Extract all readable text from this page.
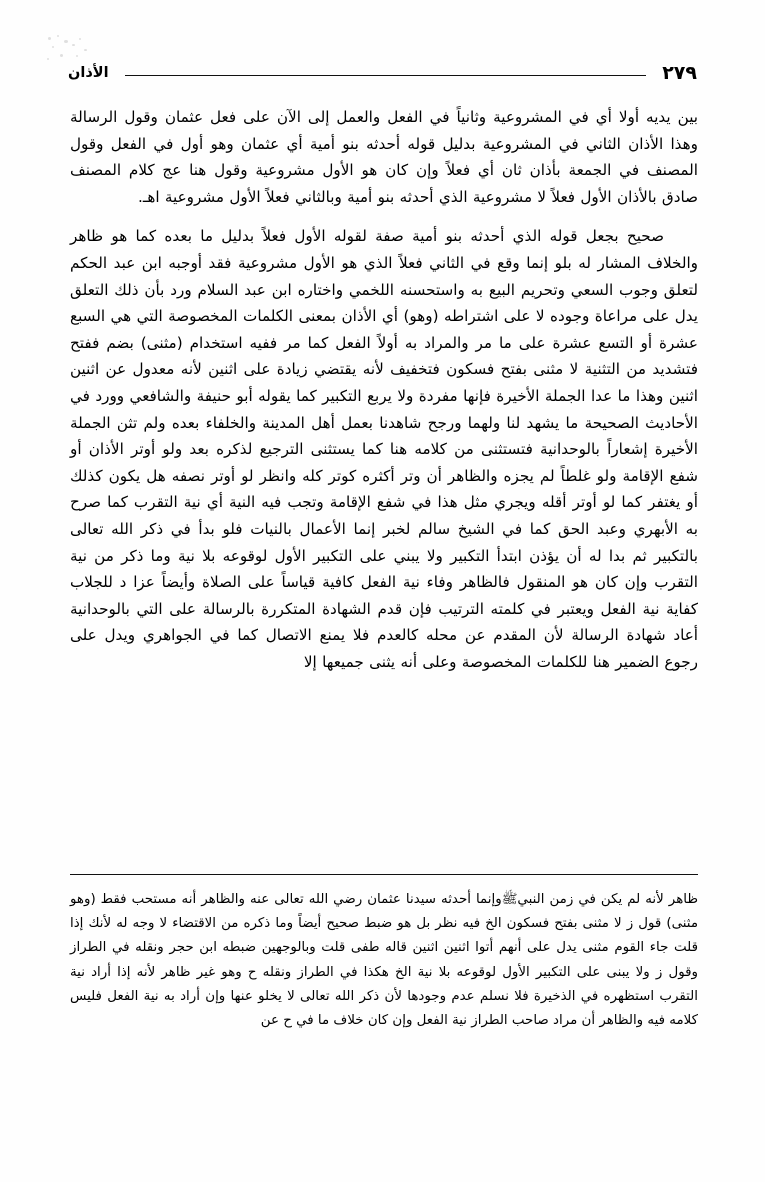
٢٧٩
الأذان

بين يديه أولا أي في المشروعية وثانياً في الفعل والعمل إلى الآن على فعل عثمان وقول الرسالة وهذا الأذان الثاني في المشروعية بدليل قوله أحدثه بنو أمية أي عثمان وهو أول في الفعل وقول المصنف في الجمعة بأذان ثان أي فعلاً وإن كان هو الأول مشروعية وقول هنا عج كلام المصنف صادق بالأذان الأول فعلاً لا مشروعية الذي أحدثه بنو أمية وبالثاني فعلاً الأول مشروعية اهـ.

صحيح بجعل قوله الذي أحدثه بنو أمية صفة لقوله الأول فعلاً بدليل ما بعده كما هو ظاهر والخلاف المشار له بلو إنما وقع في الثاني فعلاً الذي هو الأول مشروعية فقد أوجبه ابن عبد الحكم لتعلق وجوب السعي وتحريم البيع به واستحسنه اللخمي واختاره ابن عبد السلام ورد بأن ذلك التعلق يدل على مراعاة وجوده لا على اشتراطه (وهو) أي الأذان بمعنى الكلمات المخصوصة التي هي السبع عشرة أو التسع عشرة على ما مر والمراد به أولاً الفعل كما مر ففيه استخدام (مثنى) بضم ففتح فتشديد من التثنية لا مثنى بفتح فسكون فتخفيف لأنه يقتضي زيادة على اثنين لأنه معدول عن اثنين اثنين وهذا ما عدا الجملة الأخيرة فإنها مفردة ولا يربع التكبير كما يقوله أبو حنيفة والشافعي وورد في الأحاديث الصحيحة ما يشهد لنا ولهما ورجح شاهدنا بعمل أهل المدينة والخلفاء بعده ولم تثن الجملة الأخيرة إشعاراً بالوحدانية فتستثنى من كلامه هنا كما يستثنى الترجيع لذكره بعد ولو أوتر الأذان أو شفع الإقامة ولو غلطاً لم يجزه والظاهر أن وتر أكثره كوتر كله وانظر لو أوتر نصفه هل يكون كذلك أو يغتفر كما لو أوتر أقله ويجري مثل هذا في شفع الإقامة وتجب فيه النية أي نية التقرب كما صرح به الأبهري وعبد الحق كما في الشيخ سالم لخبر إنما الأعمال بالنيات فلو بدأ في ذكر الله تعالى بالتكبير ثم بدا له أن يؤذن ابتدأ التكبير ولا يبني على التكبير الأول لوقوعه بلا نية وما ذكر من نية التقرب وإن كان هو المنقول فالظاهر وفاء نية الفعل كافية قياساً على الصلاة وأيضاً عزا د للجلاب كفاية نية الفعل ويعتبر في كلمته الترتيب فإن قدم الشهادة المتكررة بالرسالة على التي بالوحدانية أعاد شهادة الرسالة لأن المقدم عن محله كالعدم فلا يمنع الاتصال كما في الجواهري ويدل على رجوع الضمير هنا للكلمات المخصوصة وعلى أنه يثنى جميعها إلا

ظاهر لأنه لم يكن في زمن النبيﷺوإنما أحدثه سيدنا عثمان رضي الله تعالى عنه والظاهر أنه مستحب فقط (وهو مثنى) قول ز لا مثنى بفتح فسكون الخ فيه نظر بل هو ضبط صحيح أيضاً وما ذكره من الاقتضاء لا وجه له لأنك إذا قلت جاء القوم مثنى يدل على أنهم أتوا اثنين اثنين قاله طفى قلت وبالوجهين ضبطه ابن حجر ونقله في الطراز وقول ز ولا يبنى على التكبير الأول لوقوعه بلا نية الخ هكذا في الطراز ونقله ح وهو غير ظاهر لأنه إذا أراد نية التقرب استظهره في الذخيرة فلا نسلم عدم وجودها لأن ذكر الله تعالى لا يخلو عنها وإن أراد به نية الفعل فليس كلامه فيه والظاهر أن مراد صاحب الطراز نية الفعل وإن كان خلاف ما في ح عن
